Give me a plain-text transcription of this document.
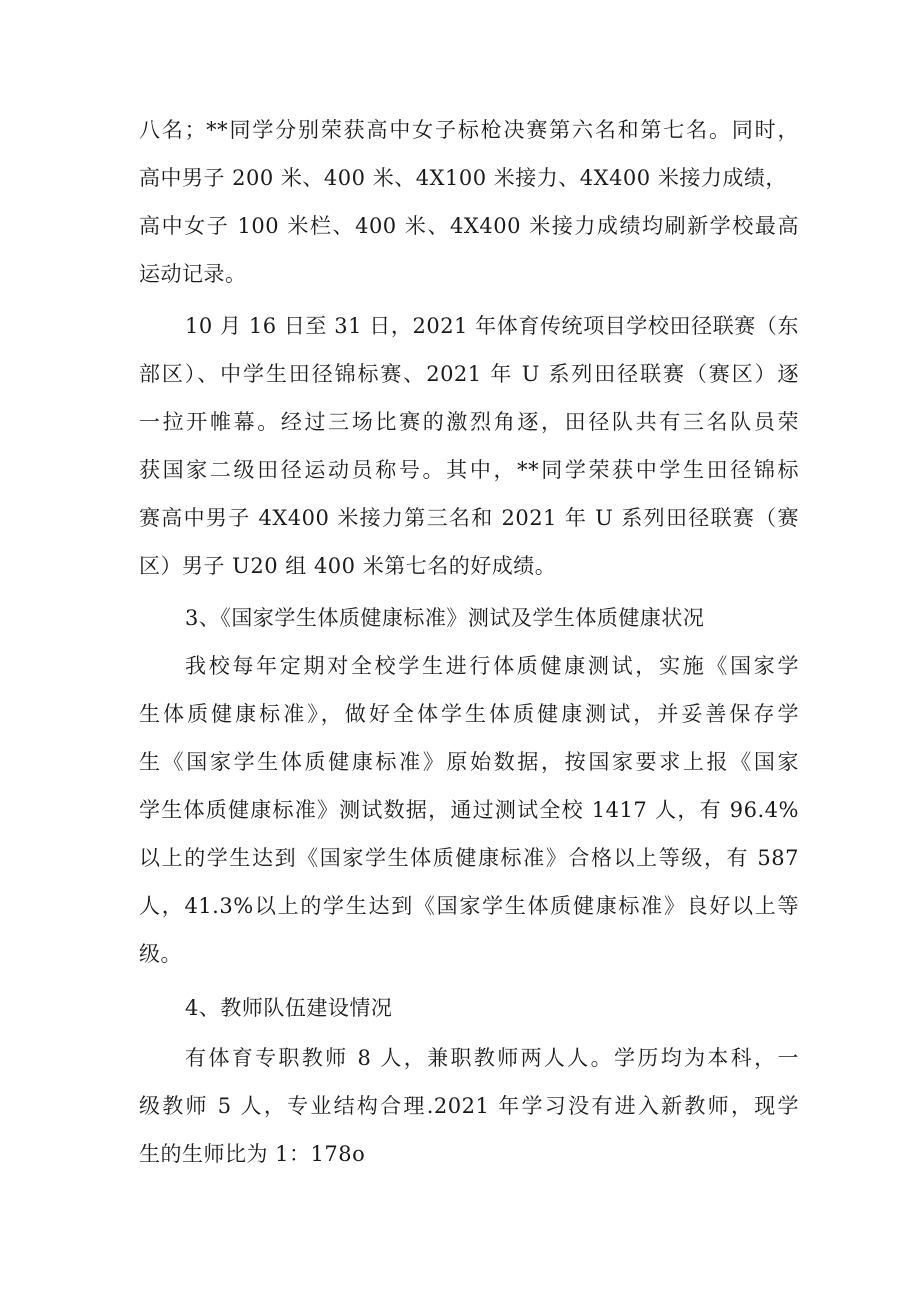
八名；**同学分别荣获高中女子标枪决赛第六名和第七名。同时，
高中男子 200 米、400 米、4X100 米接力、4X400 米接力成绩，
高中女子 100 米栏、400 米、4X400 米接力成绩均刷新学校最高
运动记录。
10 月 16 日至 31 日，2021 年体育传统项目学校田径联赛（东
部区）、中学生田径锦标赛、2021 年 U 系列田径联赛（赛区）逐
一拉开帷幕。经过三场比赛的激烈角逐，田径队共有三名队员荣
获国家二级田径运动员称号。其中，**同学荣获中学生田径锦标
赛高中男子 4X400 米接力第三名和 2021 年 U 系列田径联赛（赛
区）男子 U20 组 400 米第七名的好成绩。
3、《国家学生体质健康标准》测试及学生体质健康状况
我校每年定期对全校学生进行体质健康测试，实施《国家学
生体质健康标准》，做好全体学生体质健康测试，并妥善保存学
生《国家学生体质健康标准》原始数据，按国家要求上报《国家
学生体质健康标准》测试数据，通过测试全校 1417 人，有 96.4%
以上的学生达到《国家学生体质健康标准》合格以上等级，有 587
人，41.3%以上的学生达到《国家学生体质健康标准》良好以上等
级。
4、教师队伍建设情况
有体育专职教师 8 人，兼职教师两人人。学历均为本科，一
级教师 5 人，专业结构合理.2021 年学习没有进入新教师，现学
生的生师比为 1：178o
